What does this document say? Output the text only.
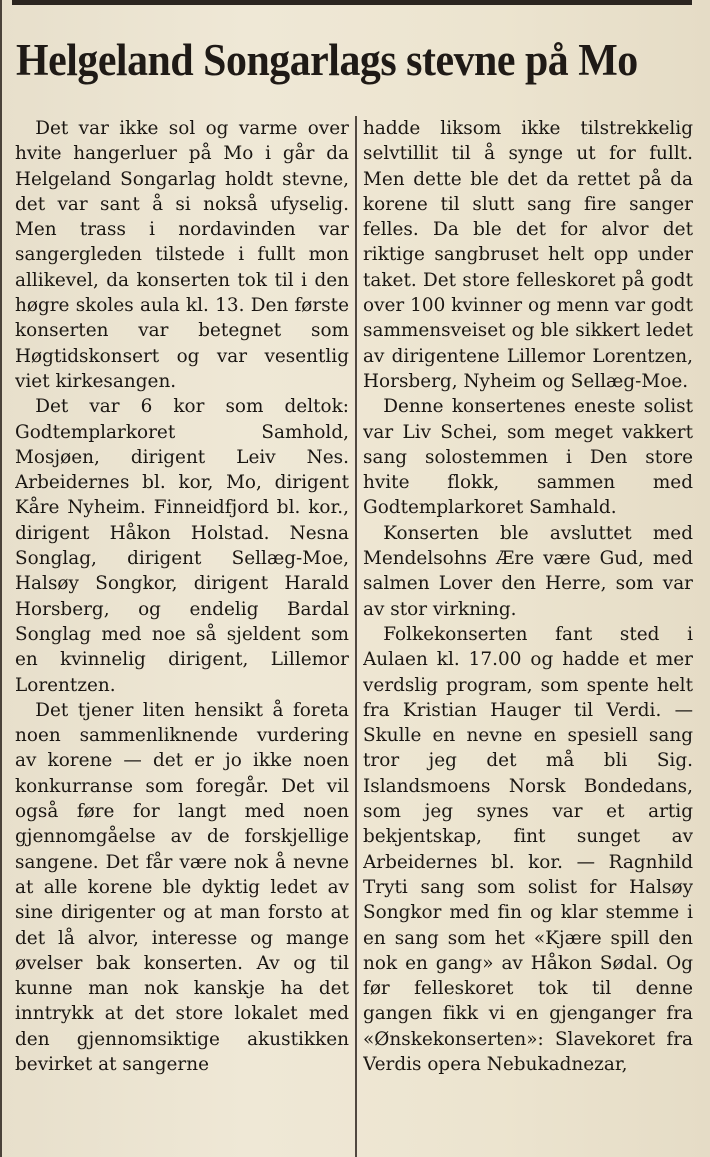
Helgeland Songarlags stevne på Mo

Det var ikke sol og varme over hvite hangerluer på Mo i går da Helgeland Songarlag holdt stevne, det var sant å si nokså ufyselig. Men trass i nordavinden var sangergleden tilstede i fullt mon allikevel, da konserten tok til i den høgre skoles aula kl. 13. Den første konserten var betegnet som Høgtidskonsert og var vesentlig viet kirkesangen.

Det var 6 kor som deltok: Godtemplarkoret Samhold, Mosjøen, dirigent Leiv Nes. Arbeidernes bl. kor, Mo, dirigent Kåre Nyheim. Finneidfjord bl. kor., dirigent Håkon Holstad. Nesna Songlag, dirigent Sellæg-Moe, Halsøy Songkor, dirigent Harald Horsberg, og endelig Bardal Songlag med noe så sjeldent som en kvinnelig dirigent, Lillemor Lorentzen.

Det tjener liten hensikt å foreta noen sammenliknende vurdering av korene — det er jo ikke noen konkurranse som foregår. Det vil også føre for langt med noen gjennomgåelse av de forskjellige sangene. Det får være nok å nevne at alle korene ble dyktig ledet av sine dirigenter og at man forsto at det lå alvor, interesse og mange øvelser bak konserten. Av og til kunne man nok kanskje ha det inntrykk at det store lokalet med den gjennomsiktige akustikken bevirket at sangerne

hadde liksom ikke tilstrekkelig selvtillit til å synge ut for fullt. Men dette ble det da rettet på da korene til slutt sang fire sanger felles. Da ble det for alvor det riktige sangbruset helt opp under taket. Det store felleskoret på godt over 100 kvinner og menn var godt sammensveiset og ble sikkert ledet av dirigentene Lillemor Lorentzen, Horsberg, Nyheim og Sellæg-Moe.

Denne konsertenes eneste solist var Liv Schei, som meget vakkert sang solostemmen i Den store hvite flokk, sammen med Godtemplarkoret Samhald.

Konserten ble avsluttet med Mendelsohns Ære være Gud, med salmen Lover den Herre, som var av stor virkning.

Folkekonserten fant sted i Aulaen kl. 17.00 og hadde et mer verdslig program, som spente helt fra Kristian Hauger til Verdi. — Skulle en nevne en spesiell sang tror jeg det må bli Sig. Islandsmoens Norsk Bondedans, som jeg synes var et artig bekjentskap, fint sunget av Arbeidernes bl. kor. — Ragnhild Tryti sang som solist for Halsøy Songkor med fin og klar stemme i en sang som het «Kjære spill den nok en gang» av Håkon Sødal. Og før felleskoret tok til denne gangen fikk vi en gjenganger fra «Ønskekonserten»: Slavekoret fra Verdis opera Nebukadnezar,
